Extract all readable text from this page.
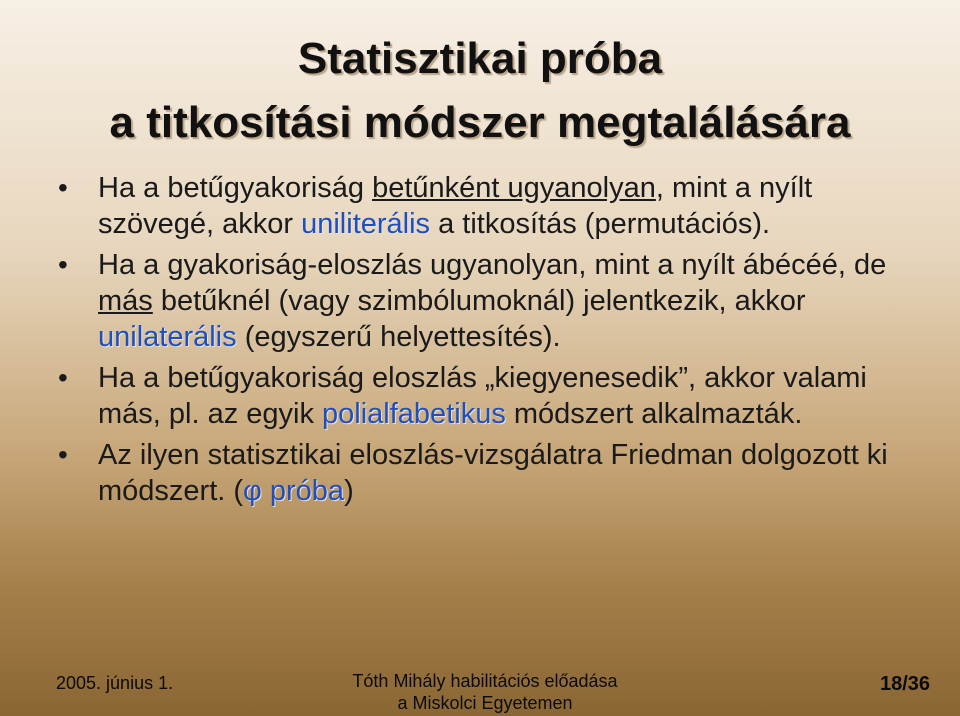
Statisztikai próba
a titkosítási módszer megtalálására
• Ha a betűgyakoriság betűnként ugyanolyan, mint a nyílt szövegé, akkor uniliterális a titkosítás (permutációs).
• Ha a gyakoriság-eloszlás ugyanolyan, mint a nyílt ábécéé, de más betűknél (vagy szimbólumoknál) jelentkezik, akkor unilaterális (egyszerű helyettesítés).
• Ha a betűgyakoriság eloszlás „kiegyenesedik”, akkor valami más, pl. az egyik polialfabetikus módszert alkalmazták.
• Az ilyen statisztikai eloszlás-vizsgálatra Friedman dolgozott ki módszert. (φ próba)
2005. június 1.	Tóth Mihály habilitációs előadása
a Miskolci Egyetemen
18/36
